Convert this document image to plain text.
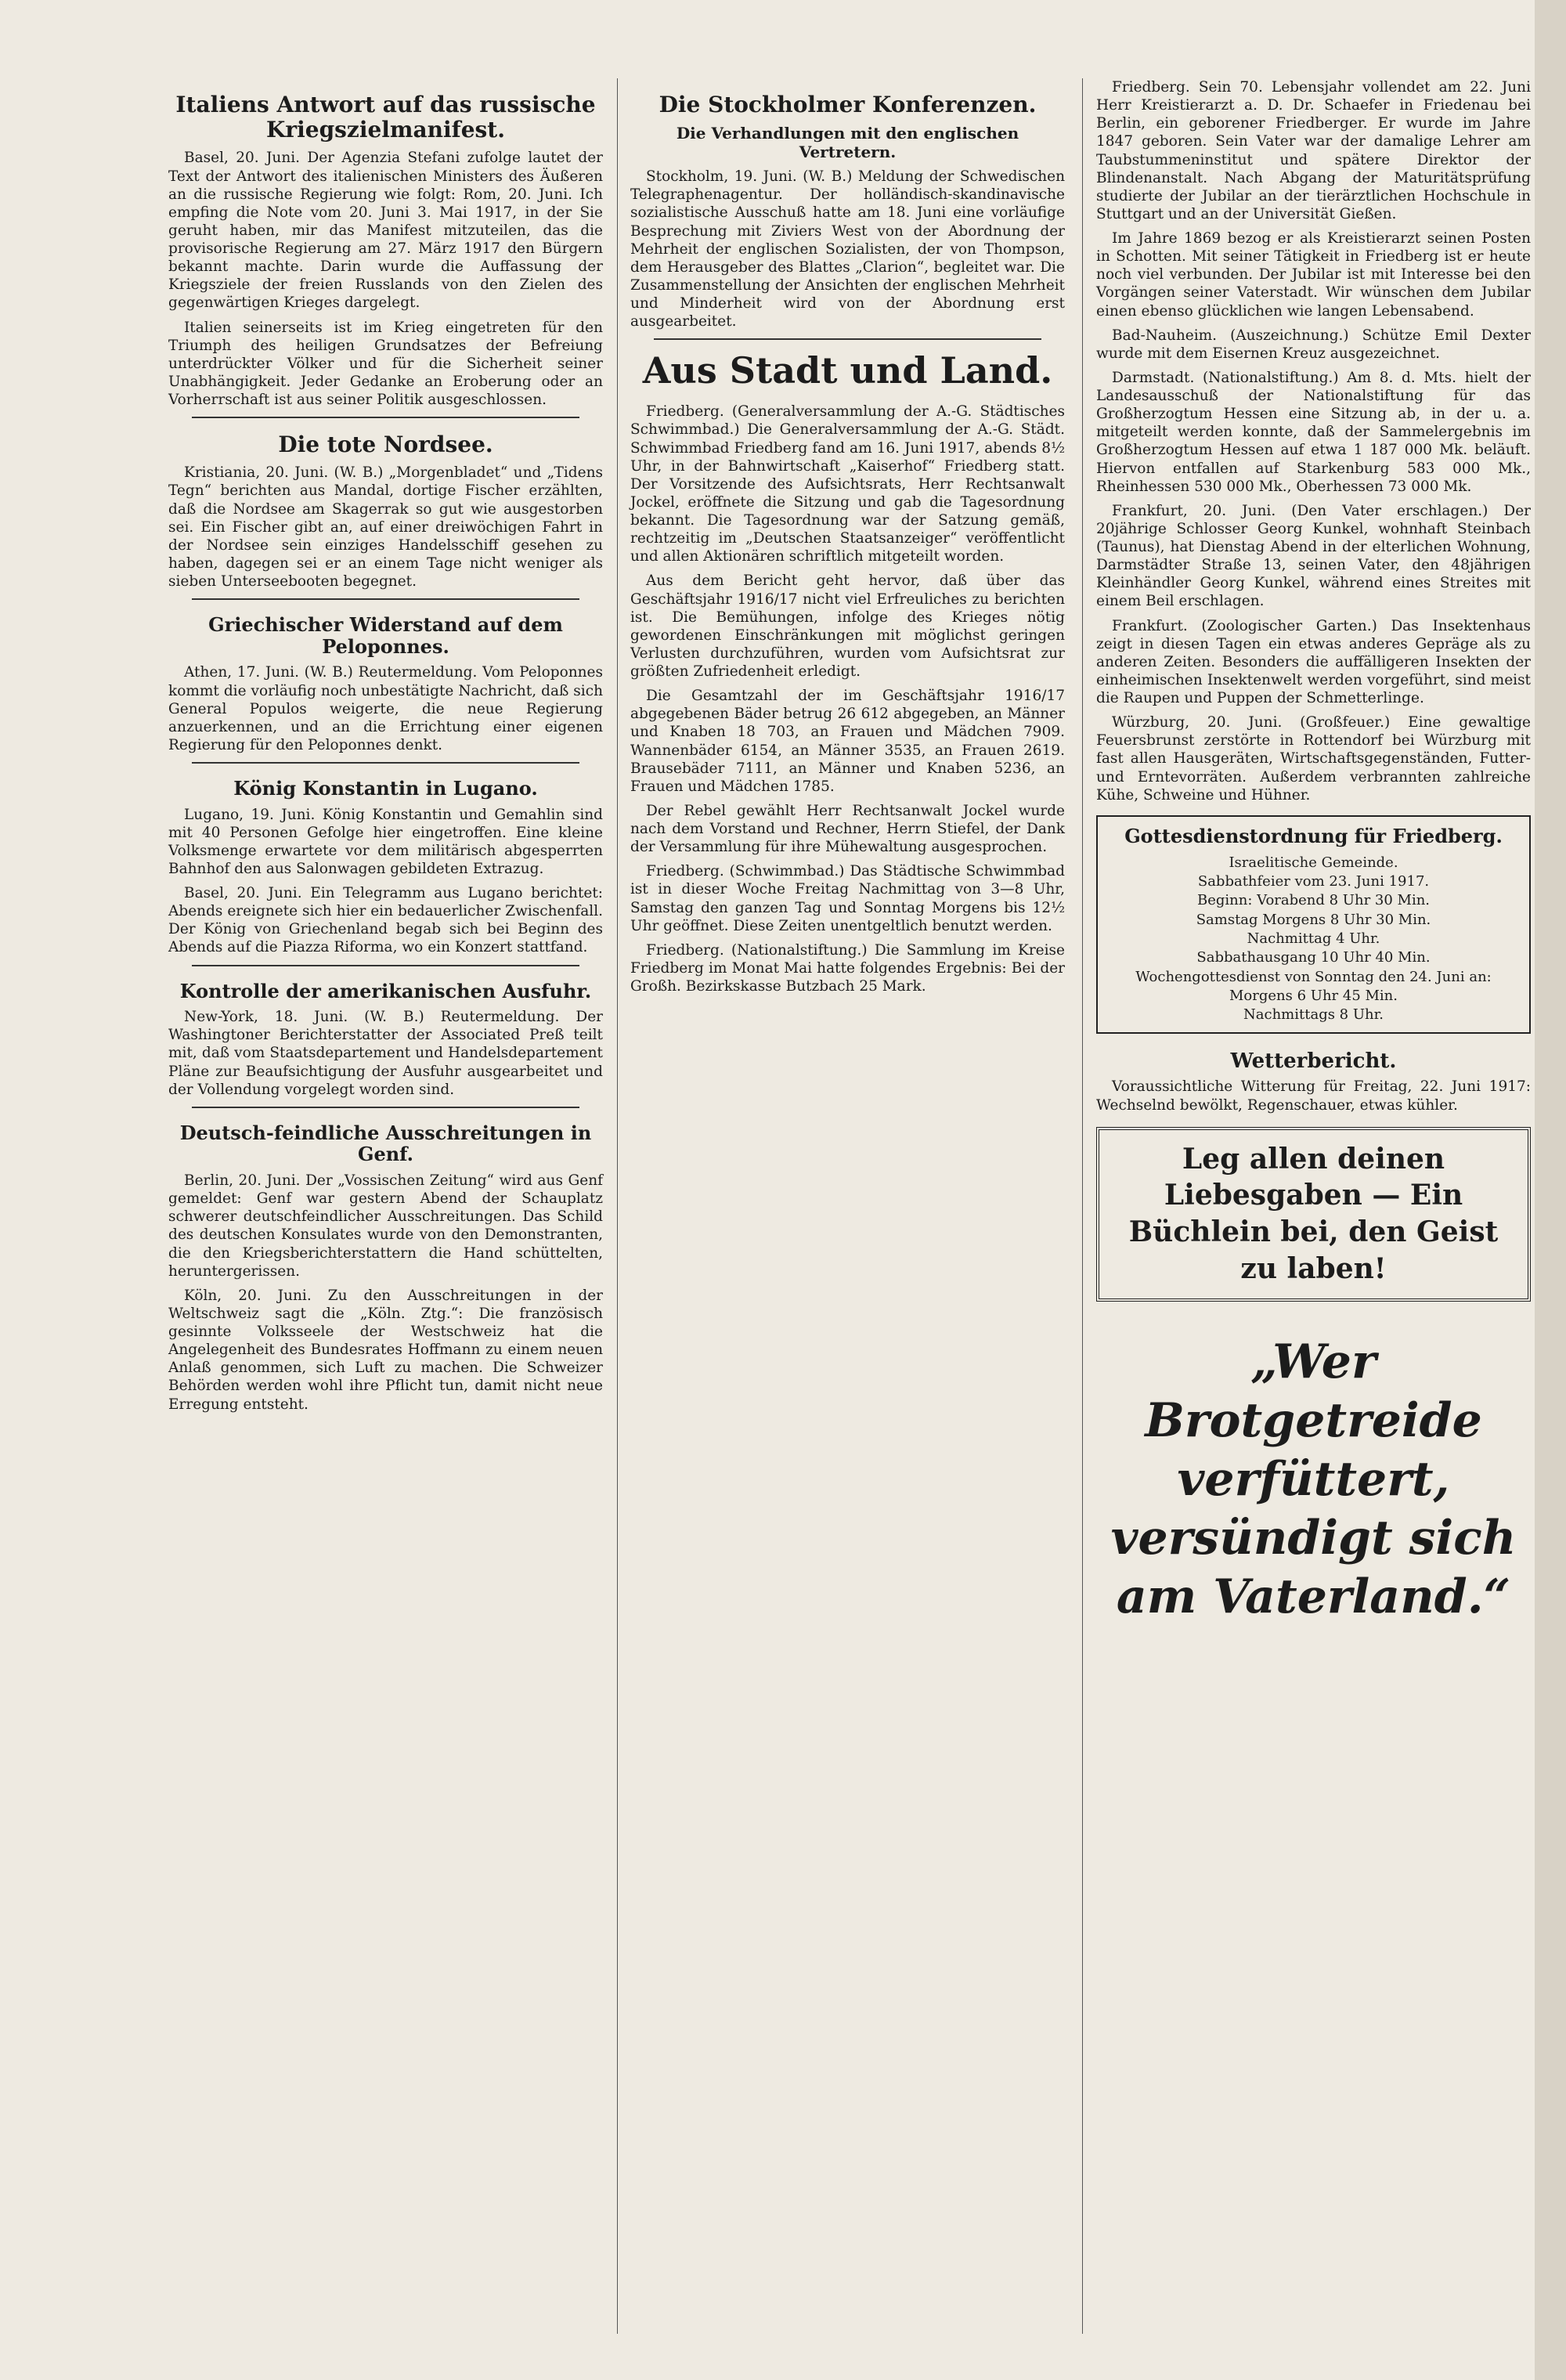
Italiens Antwort auf das russische Kriegszielmanifest.

Basel, 20. Juni. Der Agenzia Stefani zufolge lautet der Text der Antwort des italienischen Ministers des Äußeren an die russische Regierung wie folgt: Rom, 20. Juni. Ich empfing die Note vom 20. Juni 3. Mai 1917, in der Sie geruht haben, mir das Manifest mitzuteilen, das die provisorische Regierung am 27. März 1917 den Bürgern bekannt machte. Darin wurde die Auffassung der Kriegsziele der freien Russlands von den Zielen des gegenwärtigen Krieges dargelegt.

Italien seinerseits ist im Krieg eingetreten für den Triumph des heiligen Grundsatzes der Befreiung unterdrückter Völker und für die Sicherheit seiner Unabhängigkeit. Jeder Gedanke an Eroberung oder an Vorherrschaft ist aus seiner Politik ausgeschlossen.

Die tote Nordsee.

Kristiania, 20. Juni. (W. B.) „Morgenbladet“ und „Tidens Tegn“ berichten aus Mandal, dortige Fischer erzählten, daß die Nordsee am Skagerrak so gut wie ausgestorben sei. Ein Fischer gibt an, auf einer dreiwöchigen Fahrt in der Nordsee sein einziges Handelsschiff gesehen zu haben, dagegen sei er an einem Tage nicht weniger als sieben Unterseebooten begegnet.

Griechischer Widerstand auf dem Peloponnes.

Athen, 17. Juni. (W. B.) Reutermeldung. Vom Peloponnes kommt die vorläufig noch unbestätigte Nachricht, daß sich General Populos weigerte, die neue Regierung anzuerkennen, und an die Errichtung einer eigenen Regierung für den Peloponnes denkt.

König Konstantin in Lugano.

Lugano, 19. Juni. König Konstantin und Gemahlin sind mit 40 Personen Gefolge hier eingetroffen. Eine kleine Volksmenge erwartete vor dem militärisch abgesperrten Bahnhof den aus Salonwagen gebildeten Extrazug.

Basel, 20. Juni. Ein Telegramm aus Lugano berichtet: Abends ereignete sich hier ein bedauerlicher Zwischenfall. Der König von Griechenland begab sich bei Beginn des Abends auf die Piazza Riforma, wo ein Konzert stattfand.

Kontrolle der amerikanischen Ausfuhr.

New-York, 18. Juni. (W. B.) Reutermeldung. Der Washingtoner Berichterstatter der Associated Preß teilt mit, daß vom Staatsdepartement und Handelsdepartement Pläne zur Beaufsichtigung der Ausfuhr ausgearbeitet und der Vollendung vorgelegt worden sind.

Deutsch-feindliche Ausschreitungen in Genf.

Berlin, 20. Juni. Der „Vossischen Zeitung“ wird aus Genf gemeldet: Genf war gestern Abend der Schauplatz schwerer deutschfeindlicher Ausschreitungen. Das Schild des deutschen Konsulates wurde von den Demonstranten, die den Kriegsberichterstattern die Hand schüttelten, heruntergerissen.

Köln, 20. Juni. Zu den Ausschreitungen in der Weltschweiz sagt die „Köln. Ztg.“: Die französisch gesinnte Volksseele der Westschweiz hat die Angelegenheit des Bundesrates Hoffmann zu einem neuen Anlaß genommen, sich Luft zu machen. Die Schweizer Behörden werden wohl ihre Pflicht tun, damit nicht neue Erregung entsteht.

Die Stockholmer Konferenzen.
Die Verhandlungen mit den englischen Vertretern.

Stockholm, 19. Juni. (W. B.) Meldung der Schwedischen Telegraphenagentur. Der holländisch-skandinavische sozialistische Ausschuß hatte am 18. Juni eine vorläufige Besprechung mit Ziviers West von der Abordnung der Mehrheit der englischen Sozialisten, der von Thompson, dem Herausgeber des Blattes „Clarion“, begleitet war. Die Zusammenstellung der Ansichten der englischen Mehrheit und Minderheit wird von der Abordnung erst ausgearbeitet.

Aus Stadt und Land.

Friedberg. (Generalversammlung der A.-G. Städtisches Schwimmbad.) Die Generalversammlung der A.-G. Städt. Schwimmbad Friedberg fand am 16. Juni 1917, abends 8½ Uhr, in der Bahnwirtschaft „Kaiserhof“ Friedberg statt. Der Vorsitzende des Aufsichtsrats, Herr Rechtsanwalt Jockel, eröffnete die Sitzung und gab die Tagesordnung bekannt. Die Tagesordnung war der Satzung gemäß, rechtzeitig im „Deutschen Staatsanzeiger“ veröffentlicht und allen Aktionären schriftlich mitgeteilt worden.

Aus dem Bericht geht hervor, daß über das Geschäftsjahr 1916/17 nicht viel Erfreuliches zu berichten ist. Die Bemühungen, infolge des Krieges nötig gewordenen Einschränkungen mit möglichst geringen Verlusten durchzuführen, wurden vom Aufsichtsrat zur größten Zufriedenheit erledigt.

Die Gesamtzahl der im Geschäftsjahr 1916/17 abgegebenen Bäder betrug 26 612 abgegeben, an Männer und Knaben 18 703, an Frauen und Mädchen 7909. Wannenbäder 6154, an Männer 3535, an Frauen 2619. Brausebäder 7111, an Männer und Knaben 5236, an Frauen und Mädchen 1785.

Der Rebel gewählt Herr Rechtsanwalt Jockel wurde nach dem Vorstand und Rechner, Herrn Stiefel, der Dank der Versammlung für ihre Mühewaltung ausgesprochen.

Friedberg. (Schwimmbad.) Das Städtische Schwimmbad ist in dieser Woche Freitag Nachmittag von 3—8 Uhr, Samstag den ganzen Tag und Sonntag Morgens bis 12½ Uhr geöffnet. Diese Zeiten unentgeltlich benutzt werden.

Friedberg. (Nationalstiftung.) Die Sammlung im Kreise Friedberg im Monat Mai hatte folgendes Ergebnis: Bei der Großh. Bezirkskasse Butzbach 25 Mark.

Friedberg. Sein 70. Lebensjahr vollendet am 22. Juni Herr Kreistierarzt a. D. Dr. Schaefer in Friedenau bei Berlin, ein geborener Friedberger. Er wurde im Jahre 1847 geboren. Sein Vater war der damalige Lehrer am Taubstummeninstitut und spätere Direktor der Blindenanstalt. Nach Abgang der Maturitätsprüfung studierte der Jubilar an der tierärztlichen Hochschule in Stuttgart und an der Universität Gießen.

Im Jahre 1869 bezog er als Kreistierarzt seinen Posten in Schotten. Mit seiner Tätigkeit in Friedberg ist er heute noch viel verbunden. Der Jubilar ist mit Interesse bei den Vorgängen seiner Vaterstadt. Wir wünschen dem Jubilar einen ebenso glücklichen wie langen Lebensabend.

Bad-Nauheim. (Auszeichnung.) Schütze Emil Dexter wurde mit dem Eisernen Kreuz ausgezeichnet.

Darmstadt. (Nationalstiftung.) Am 8. d. Mts. hielt der Landesausschuß der Nationalstiftung für das Großherzogtum Hessen eine Sitzung ab, in der u. a. mitgeteilt werden konnte, daß der Sammelergebnis im Großherzogtum Hessen auf etwa 1 187 000 Mk. beläuft. Hiervon entfallen auf Starkenburg 583 000 Mk., Rheinhessen 530 000 Mk., Oberhessen 73 000 Mk.

Frankfurt, 20. Juni. (Den Vater erschlagen.) Der 20jährige Schlosser Georg Kunkel, wohnhaft Steinbach (Taunus), hat Dienstag Abend in der elterlichen Wohnung, Darmstädter Straße 13, seinen Vater, den 48jährigen Kleinhändler Georg Kunkel, während eines Streites mit einem Beil erschlagen.

Frankfurt. (Zoologischer Garten.) Das Insektenhaus zeigt in diesen Tagen ein etwas anderes Gepräge als zu anderen Zeiten. Besonders die auffälligeren Insekten der einheimischen Insektenwelt werden vorgeführt, sind meist die Raupen und Puppen der Schmetterlinge.

Würzburg, 20. Juni. (Großfeuer.) Eine gewaltige Feuersbrunst zerstörte in Rottendorf bei Würzburg mit fast allen Hausgeräten, Wirtschaftsgegenständen, Futter- und Erntevorräten. Außerdem verbrannten zahlreiche Kühe, Schweine und Hühner.

Gottesdienstordnung für Friedberg.
Israelitische Gemeinde.
Sabbathfeier vom 23. Juni 1917.
Beginn: Vorabend 8 Uhr 30 Min.
Samstag Morgens 8 Uhr 30 Min.
Nachmittag 4 Uhr.
Sabbathausgang 10 Uhr 40 Min.
Wochengottesdienst von Sonntag den 24. Juni an:
Morgens 6 Uhr 45 Min.
Nachmittags 8 Uhr.
Wetterbericht.

Voraussichtliche Witterung für Freitag, 22. Juni 1917: Wechselnd bewölkt, Regenschauer, etwas kühler.

Leg allen deinen Liebesgaben — Ein Büchlein bei, den Geist zu laben!
„Wer Brotgetreide verfüttert, versündigt sich am Vaterland.“
